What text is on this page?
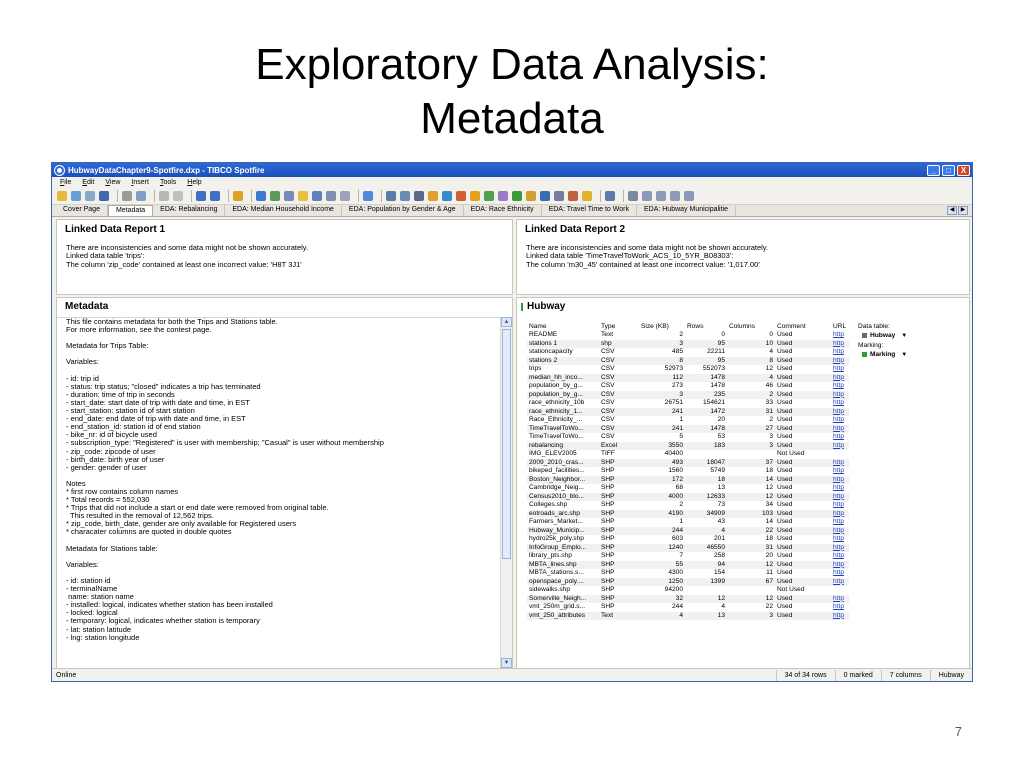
Exploratory Data Analysis:
Metadata
HubwayDataChapter9-Spotfire.dxp - TIBCO Spotfire	_	□	X
File Edit View Insert Tools Help
Cover Page	Metadata	EDA: Rebalancing	EDA: Median Household Income	EDA: Population by Gender & Age	EDA: Race Ethnicity	EDA: Travel Time to Work	EDA: Hubway Municipalitie	◀	▶
Linked Data Report 1
There are inconsistencies and some data might not be shown accurately.
Linked data table 'trips':
The column 'zip_code' contained at least one incorrect value: 'H8T 3J1'
Linked Data Report 2
There are inconsistencies and some data might not be shown accurately.
Linked data table 'TimeTravelToWork_ACS_10_5YR_B08303':
The column 'm30_45' contained at least one incorrect value: '1,017.00'
Metadata
This file contains metadata for both the Trips and Stations table.
For more information, see the contest page.
Metadata for Trips Table:
Variables:
- id: trip id
- status: trip status; "closed" indicates a trip has terminated
- duration: time of trip in seconds
- start_date: start date of trip with date and time, in EST
- start_station: station id of start station
- end_date: end date of trip with date and time, in EST
- end_station_id: station id of end station
- bike_nr: id of bicycle used
- subscription_type: "Registered" is user with membership; "Casual" is user without membership
- zip_code: zipcode of user
- birth_date: birth year of user
- gender: gender of user
Notes
* first row contains column names
* Total records = 552,030
* Trips that did not include a start or end date were removed from original table.
This resulted in the removal of 12,562 trips.
* zip_code, birth_date, gender are only available for Registered users
* characater columns are quoted in double quotes
Metadata for Stations table:
Variables:
- id: station id
- terminalName
name: station name
- installed: logical, indicates whether station has been installed
- locked: logical
- temporary: logical, indicates whether station is temporary
- lat: station latitude
- lng: station longitude
▲
▼
Hubway
Name	Type	Size (KB)	Rows	Columns	Comment	URL
README	Text	2	0	0	Used	http
stations 1	shp	3	95	10	Used	http
stationcapacity	CSV	485	22211	4	Used	http
stations 2	CSV	8	95	8	Used	http
trips	CSV	52973	552073	12	Used	http
median_hh_inco...	CSV	112	1478	4	Used	http
population_by_g...	CSV	273	1478	46	Used	http
population_by_g...	CSV	3	235	2	Used	http
race_ethnicity_10b	CSV	26751	154621	33	Used	http
race_ethnicity_1...	CSV	241	1472	31	Used	http
Race_Ethnicity_...	CSV	1	20	2	Used	http
TimeTravelToWo...	CSV	241	1478	27	Used	http
TimeTravelToWo...	CSV	5	53	3	Used	http
rebalancing	Excel	3550	183	3	Used	http
IMG_ELEV2005	TIFF	40400			Not Used	
2009_2010_cras...	SHP	493	18047	37	Used	http
bikeped_facilities...	SHP	1560	5749	18	Used	http
Boston_Neighbor...	SHP	172	18	14	Used	http
Cambridge_Neig...	SHP	68	13	12	Used	http
Census2010_blo...	SHP	4000	12633	12	Used	http
Colleges.shp	SHP	2	73	34	Used	http
eotroads_arc.shp	SHP	4190	34909	103	Used	http
Farmers_Market...	SHP	1	43	14	Used	http
Hubway_Municip...	SHP	244	4	22	Used	http
hydro25k_poly.shp	SHP	603	201	18	Used	http
InfoGroup_Emplo...	SHP	1240	46550	31	Used	http
library_pts.shp	SHP	7	258	20	Used	http
MBTA_lines.shp	SHP	55	94	12	Used	http
MBTA_stations.s...	SHP	4300	154	11	Used	http
openspace_poly....	SHP	1250	1399	67	Used	http
sidewalks.shp	SHP	94200			Not Used	
Somerville_Neigh...	SHP	32	12	12	Used	http
vmt_250m_grid.s...	SHP	244	4	22	Used	http
vmt_250_attributes	Text	4	13	3	Used	http
Data table:
Hubway ▼
Marking:
Marking ▼
Online	34 of 34 rows	0 marked	7 columns	Hubway
7
